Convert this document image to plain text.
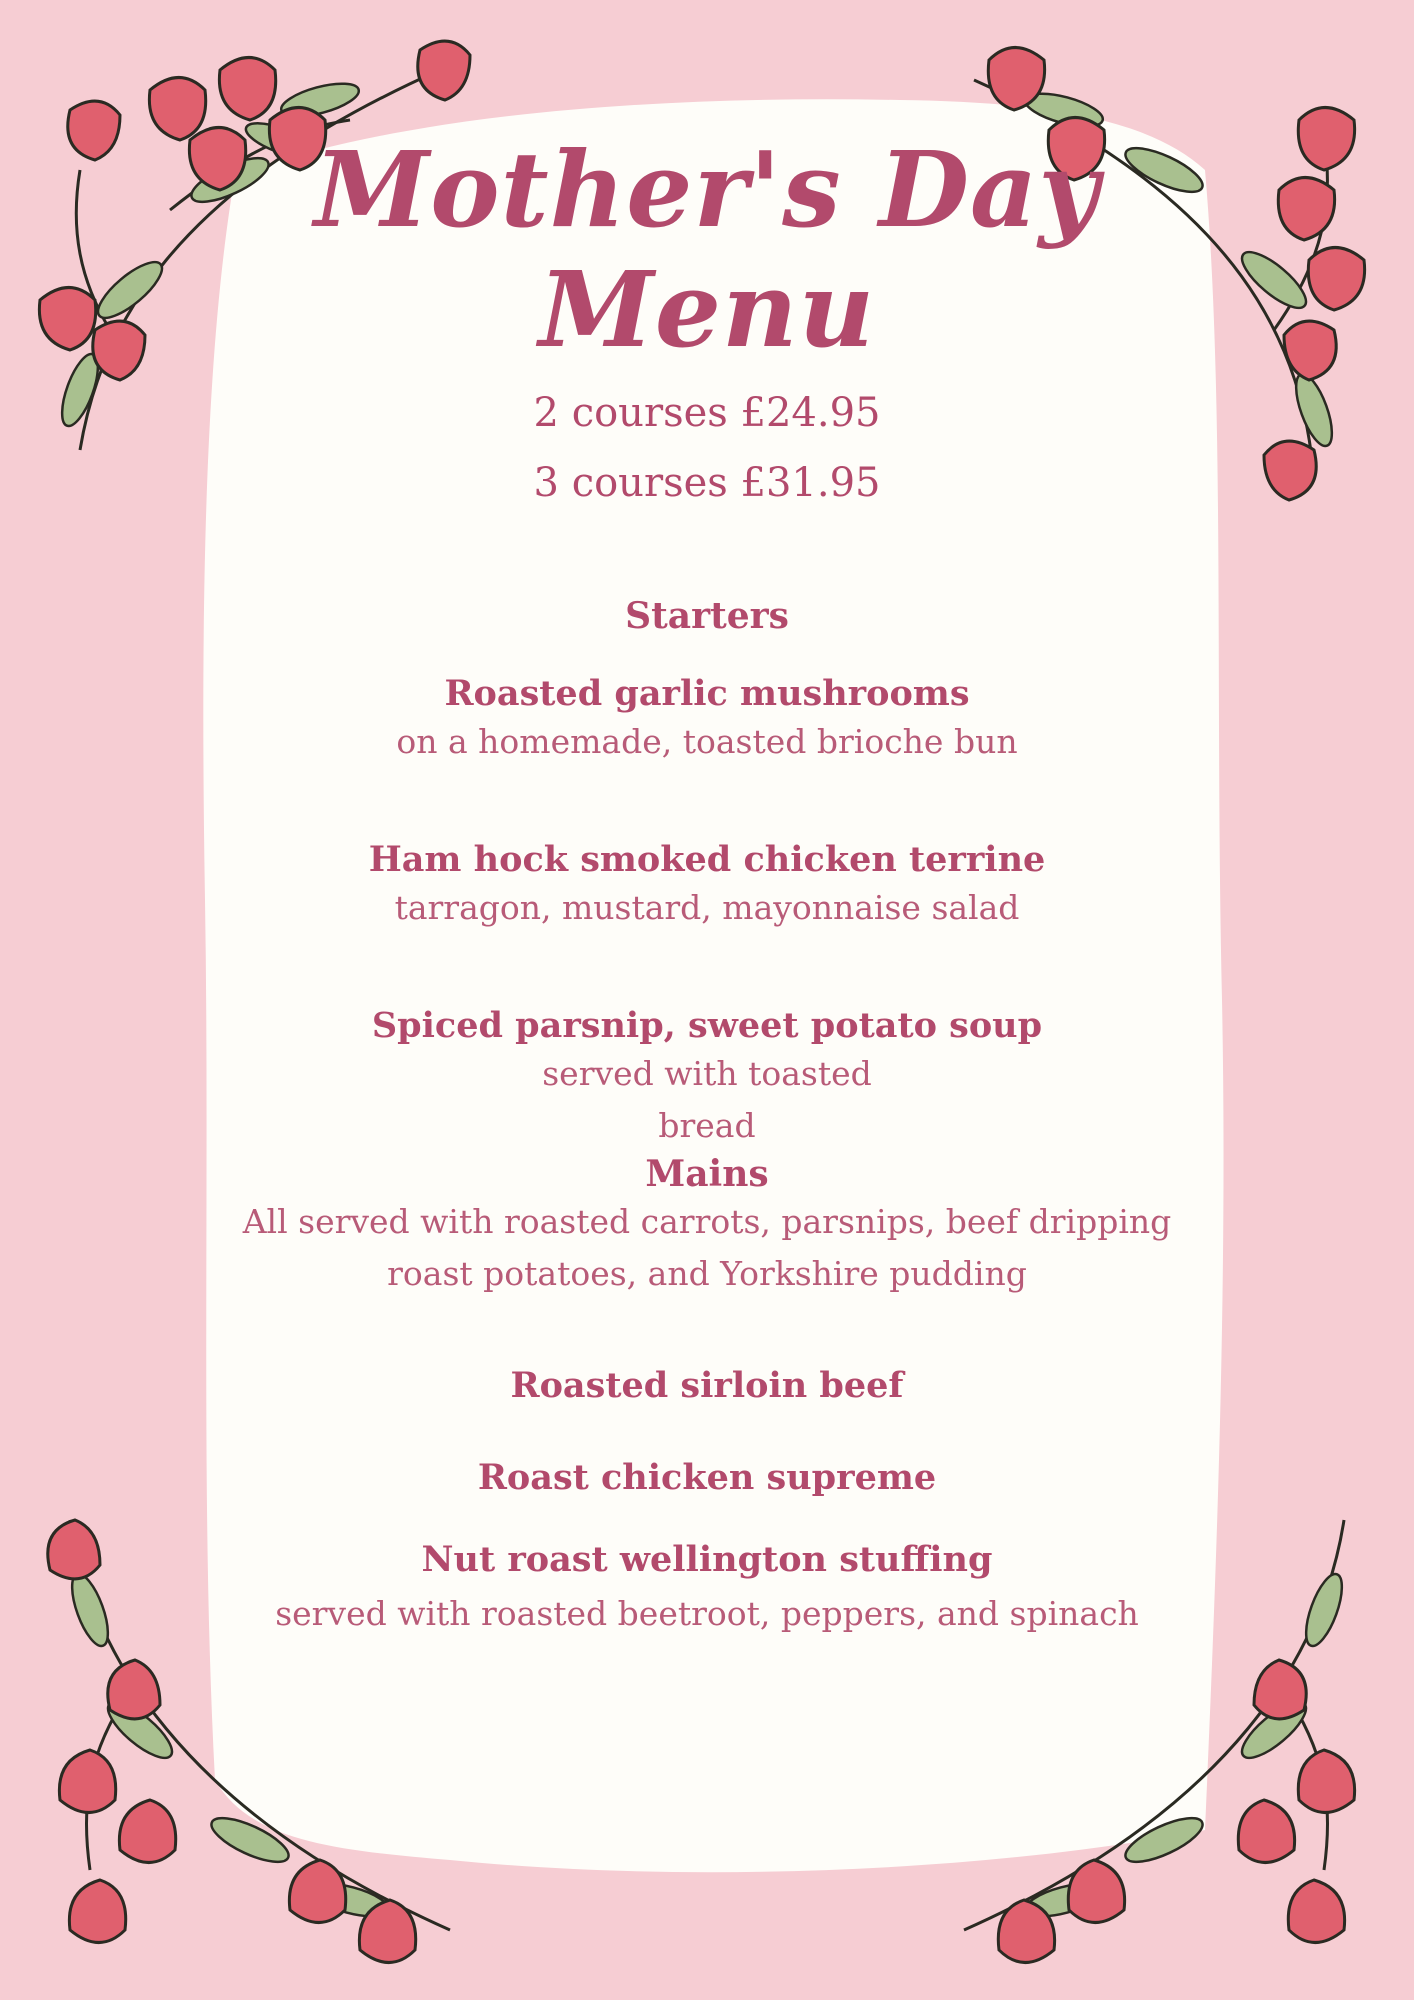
Mother's Day
Menu

2 courses £24.95

3 courses £31.95

Starters

Roasted garlic mushrooms

on a homemade, toasted brioche bun

Ham hock smoked chicken terrine

tarragon, mustard, mayonnaise salad

Spiced parsnip, sweet potato soup

served with toasted

bread

Mains

All served with roasted carrots, parsnips, beef dripping

roast potatoes, and Yorkshire pudding

Roasted sirloin beef

Roast chicken supreme

Nut roast wellington stuffing

served with roasted beetroot, peppers, and spinach
